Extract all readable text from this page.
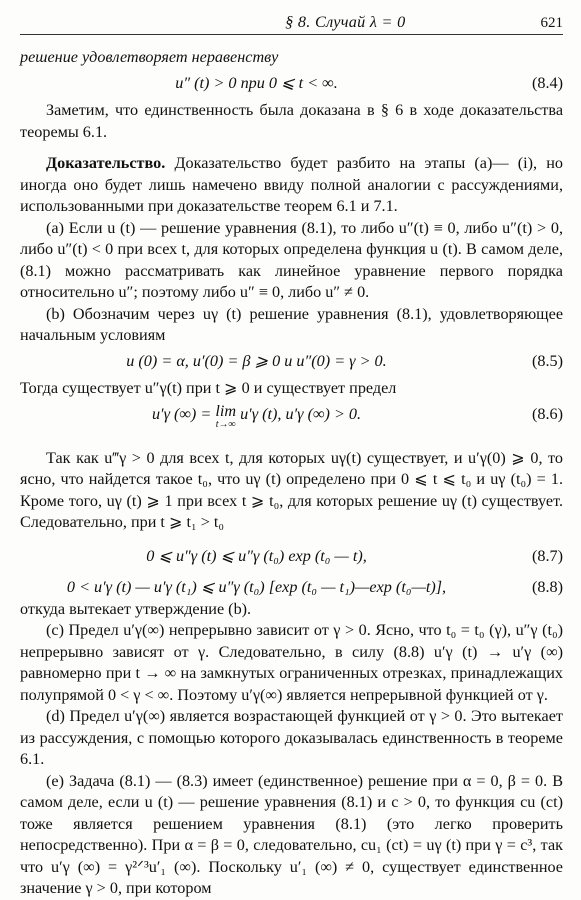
§ 8. Случай λ = 0	621

решение удовлетворяет неравенству

u″ (t) > 0 при 0 ⩽ t < ∞.	(8.4)

Заметим, что единственность была доказана в § 6 в ходе доказательства теоремы 6.1.

Доказательство. Доказательство будет разбито на этапы (a)— (i), но иногда оно будет лишь намечено ввиду полной аналогии с рассуждениями, использованными при доказательстве теорем 6.1 и 7.1.

(a) Если u (t) — решение уравнения (8.1), то либо u″(t) ≡ 0, либо u″(t) > 0, либо u″(t) < 0 при всех t, для которых определена функция u (t). В самом деле, (8.1) можно рассматривать как линейное уравнение первого порядка относительно u″; поэтому либо u″ ≡ 0, либо u″ ≠ 0.

(b) Обозначим через uγ (t) решение уравнения (8.1), удовлетворяющее начальным условиям

u (0) = α, u′(0) = β ⩾ 0 и u″(0) = γ > 0.	(8.5)

Тогда существует u″γ(t) при t ⩾ 0 и существует предел

u′γ (∞) = lim
t→∞
u′γ (t), u′γ (∞) > 0.	(8.6)

Так как u‴γ > 0 для всех t, для которых uγ(t) существует, и u′γ(0) ⩾ 0, то ясно, что найдется такое t₀, что uγ (t) определено при 0 ⩽ t ⩽ t₀ и uγ (t₀) = 1. Кроме того, uγ (t) ⩾ 1 при всех t ⩾ t₀, для которых решение uγ (t) существует. Следовательно, при t ⩾ t₁ > t₀

0 ⩽ u″γ (t) ⩽ u″γ (t₀) exp (t₀ — t),	(8.7)
0 < u′γ (t) — u′γ (t₁) ⩽ u″γ (t₀) [exp (t₀ — t₁)—exp (t₀—t)],	(8.8)

откуда вытекает утверждение (b).

(c) Предел u′γ(∞) непрерывно зависит от γ > 0. Ясно, что t₀ = t₀ (γ), u″γ (t₀) непрерывно зависят от γ. Следовательно, в силу (8.8) u′γ (t) → u′γ (∞) равномерно при t → ∞ на замкнутых ограниченных отрезках, принадлежащих полупрямой 0 < γ < ∞. Поэтому u′γ(∞) является непрерывной функцией от γ.

(d) Предел u′γ(∞) является возрастающей функцией от γ > 0. Это вытекает из рассуждения, с помощью которого доказывалась единственность в теореме 6.1.

(e) Задача (8.1) — (8.3) имеет (единственное) решение при α = 0, β = 0. В самом деле, если u (t) — решение уравнения (8.1) и c > 0, то функция cu (ct) тоже является решением уравнения (8.1) (это легко проверить непосредственно). При α = β = 0, следовательно, cu₁ (ct) = uγ (t) при γ = c³, так что u′γ (∞) = γ²ᐟ³u′₁ (∞). Поскольку u′₁ (∞) ≠ 0, существует единственное значение γ > 0, при котором
